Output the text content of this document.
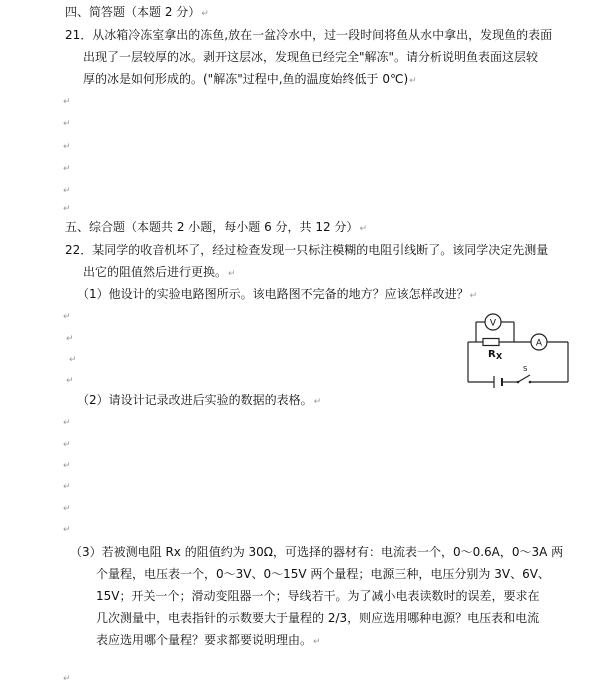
四、简答题（本题 2 分）↵
21．从冰箱冷冻室拿出的冻鱼,放在一盆冷水中，过一段时间将鱼从水中拿出，发现鱼的表面
出现了一层较厚的冰。剥开这层冰，发现鱼已经完全"解冻"。请分析说明鱼表面这层较
厚的冰是如何形成的。("解冻"过程中,鱼的温度始终低于 0℃)↵
↵
↵
↵
↵
↵
↵
五、综合题（本题共 2 小题，每小题 6 分，共 12 分）↵
22．某同学的收音机坏了，经过检查发现一只标注模糊的电阻引线断了。该同学决定先测量
出它的阻值然后进行更换。↵
（1）他设计的实验电路图所示。该电路图不完备的地方？应该怎样改进？↵
↵
↵
↵
↵
V
A
R X
S
（2）请设计记录改进后实验的数据的表格。↵
↵
↵
↵
↵
↵
↵
（3）若被测电阻 Rx 的阻值约为 30Ω，可选择的器材有：电流表一个，0～0.6A，0～3A 两
个量程，电压表一个，0～3V、0～15V 两个量程；电源三种，电压分别为 3V、6V、
15V；开关一个；滑动变阻器一个；导线若干。为了减小电表读数时的误差，要求在
几次测量中，电表指针的示数要大于量程的 2/3，则应选用哪种电源？电压表和电流
表应选用哪个量程？要求都要说明理由。↵
↵
